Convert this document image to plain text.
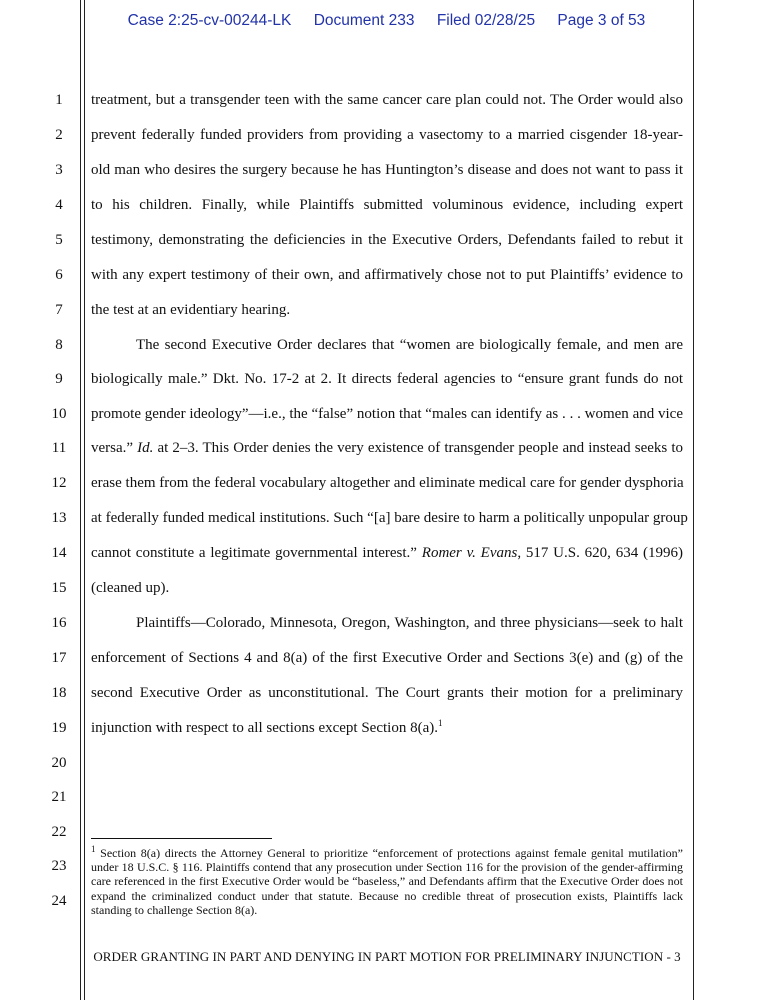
Case 2:25-cv-00244-LK Document 233 Filed 02/28/25 Page 3 of 53
1
2
3
4
5
6
7
8
9
10
11
12
13
14
15
16
17
18
19
20
21
22
23
24
treatment, but a transgender teen with the same cancer care plan could not. The Order would also
prevent federally funded providers from providing a vasectomy to a married cisgender 18-year-
old man who desires the surgery because he has Huntington’s disease and does not want to pass it
to his children. Finally, while Plaintiffs submitted voluminous evidence, including expert
testimony, demonstrating the deficiencies in the Executive Orders, Defendants failed to rebut it
with any expert testimony of their own, and affirmatively chose not to put Plaintiffs’ evidence to
the test at an evidentiary hearing.
The second Executive Order declares that “women are biologically female, and men are
biologically male.” Dkt. No. 17-2 at 2. It directs federal agencies to “ensure grant funds do not
promote gender ideology”—i.e., the “false” notion that “males can identify as . . . women and vice
versa.” Id. at 2–3. This Order denies the very existence of transgender people and instead seeks to
erase them from the federal vocabulary altogether and eliminate medical care for gender dysphoria
at federally funded medical institutions. Such “[a] bare desire to harm a politically unpopular group
cannot constitute a legitimate governmental interest.” Romer v. Evans, 517 U.S. 620, 634 (1996)
(cleaned up).
Plaintiffs—Colorado, Minnesota, Oregon, Washington, and three physicians—seek to halt
enforcement of Sections 4 and 8(a) of the first Executive Order and Sections 3(e) and (g) of the
second Executive Order as unconstitutional. The Court grants their motion for a preliminary
injunction with respect to all sections except Section 8(a).$^1$
$^1$ Section 8(a) directs the Attorney General to prioritize “enforcement of protections against female genital mutilation” under 18 U.S.C. § 116. Plaintiffs contend that any prosecution under Section 116 for the provision of the gender-affirming care referenced in the first Executive Order would be “baseless,” and Defendants affirm that the Executive Order does not expand the criminalized conduct under that statute. Because no credible threat of prosecution exists, Plaintiffs lack standing to challenge Section 8(a).
ORDER GRANTING IN PART AND DENYING IN PART MOTION FOR PRELIMINARY INJUNCTION - 3
